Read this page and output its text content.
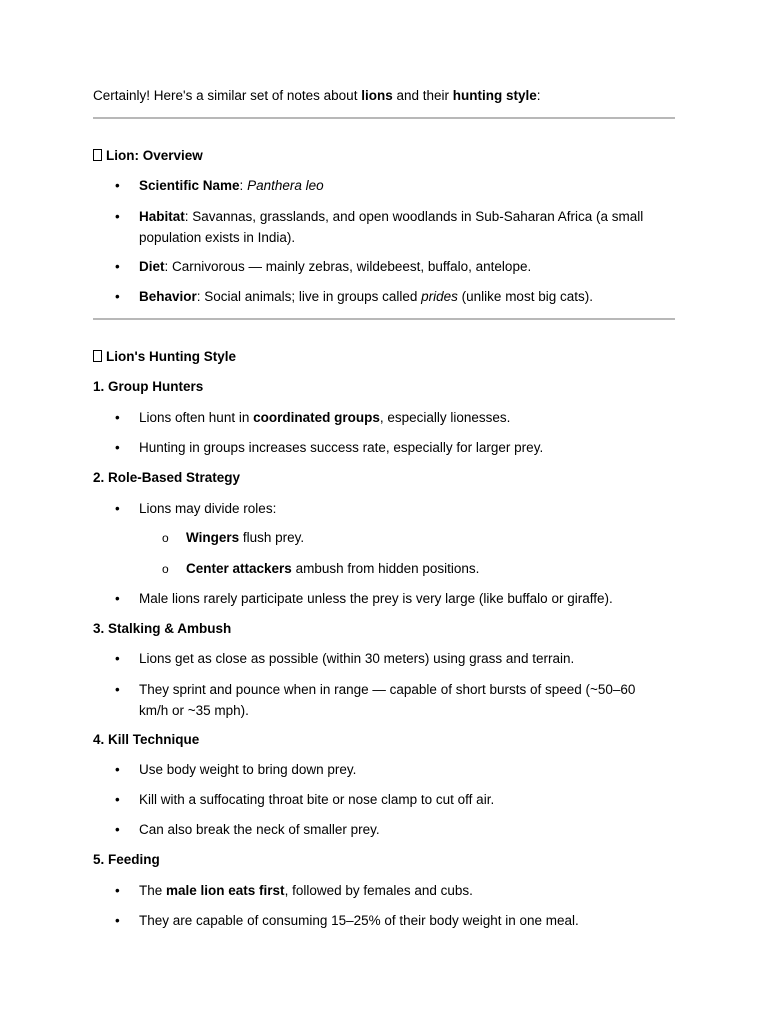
Certainly! Here's a similar set of notes about lions and their hunting style:
Lion: Overview
•	Scientific Name: Panthera leo
•	Habitat: Savannas, grasslands, and open woodlands in Sub-Saharan Africa (a small population exists in India).
•	Diet: Carnivorous — mainly zebras, wildebeest, buffalo, antelope.
•	Behavior: Social animals; live in groups called prides (unlike most big cats).
Lion's Hunting Style
1. Group Hunters
•	Lions often hunt in coordinated groups, especially lionesses.
•	Hunting in groups increases success rate, especially for larger prey.
2. Role-Based Strategy
•	Lions may divide roles:
o Wingers flush prey.
o Center attackers ambush from hidden positions.
•	Male lions rarely participate unless the prey is very large (like buffalo or giraffe).
3. Stalking & Ambush
•	Lions get as close as possible (within 30 meters) using grass and terrain.
•	They sprint and pounce when in range — capable of short bursts of speed (~50–60 km/h or ~35 mph).
4. Kill Technique
•	Use body weight to bring down prey.
•	Kill with a suffocating throat bite or nose clamp to cut off air.
•	Can also break the neck of smaller prey.
5. Feeding
•	The male lion eats first, followed by females and cubs.
•	They are capable of consuming 15–25% of their body weight in one meal.
